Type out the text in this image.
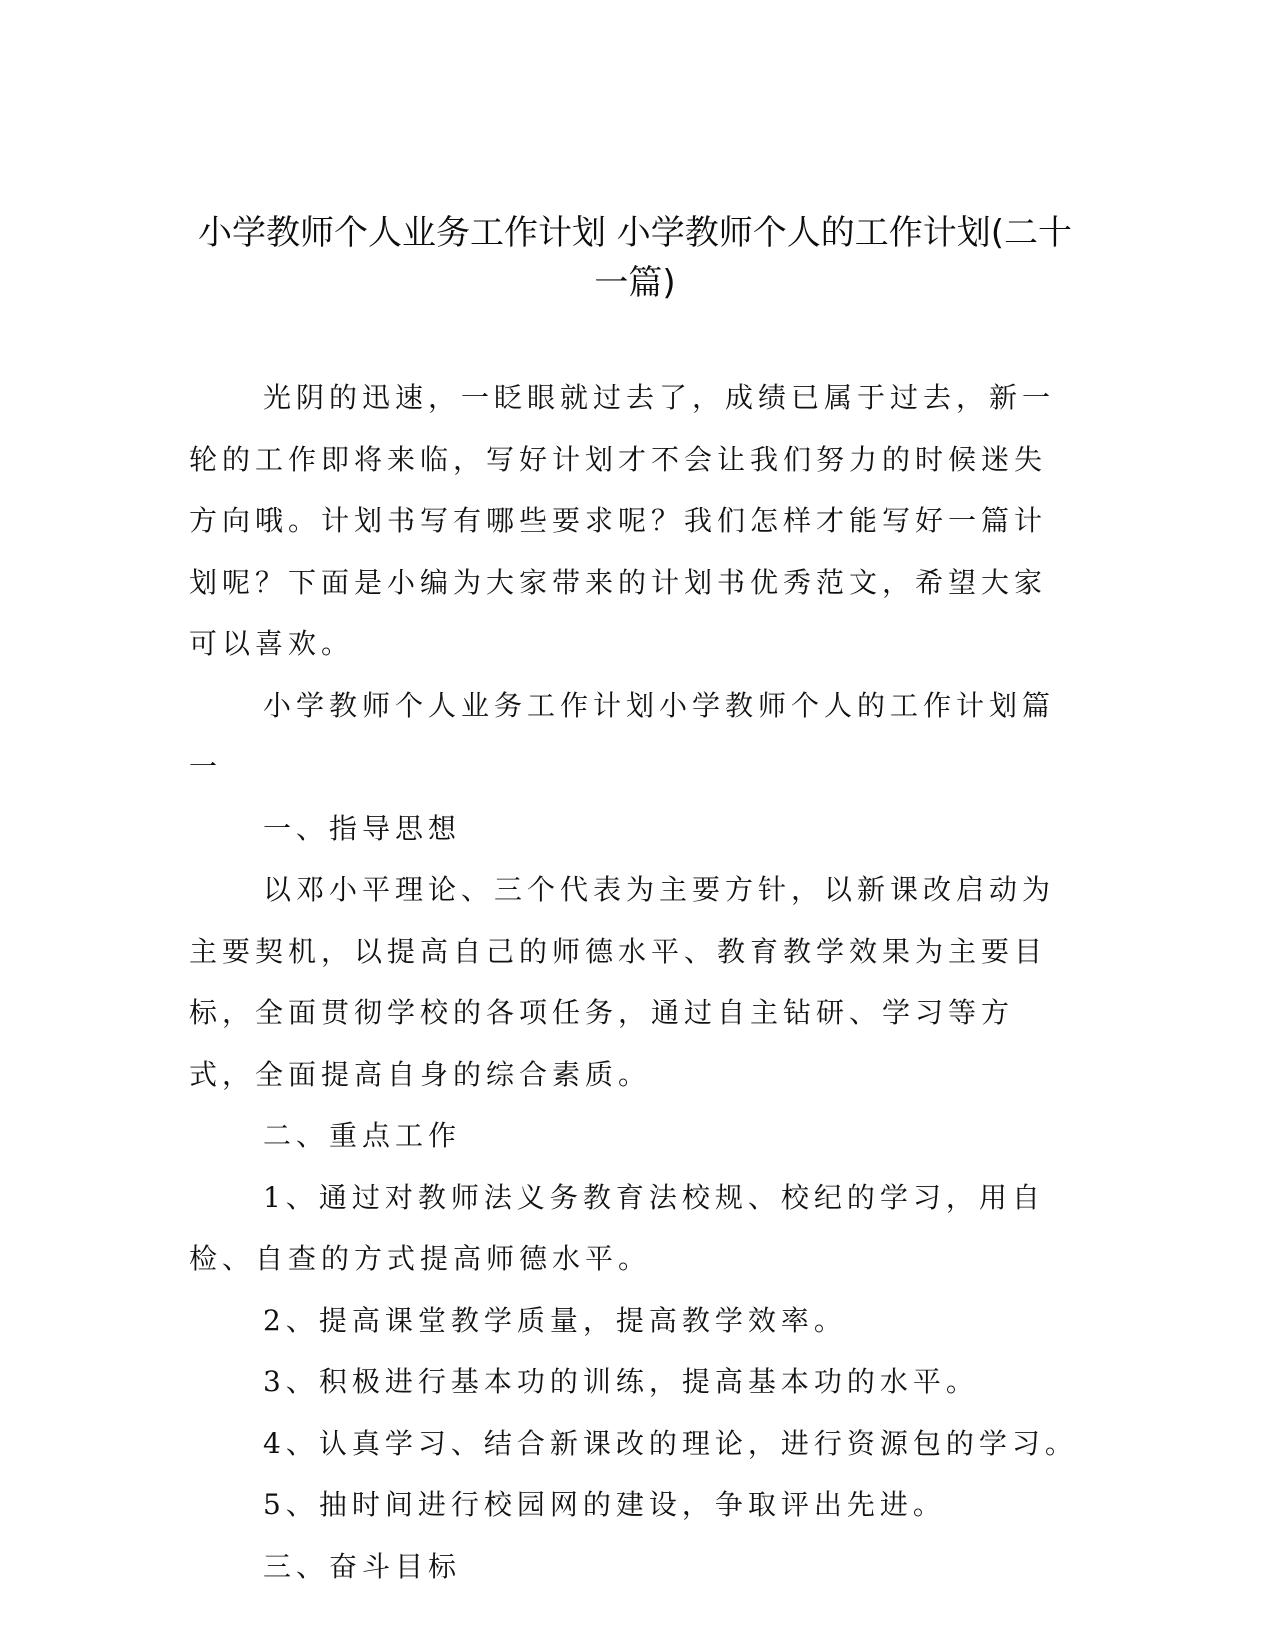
小学教师个人业务工作计划 小学教师个人的工作计划(二十一篇)

光阴的迅速，一眨眼就过去了，成绩已属于过去，新一轮的工作即将来临，写好计划才不会让我们努力的时候迷失方向哦。计划书写有哪些要求呢？我们怎样才能写好一篇计划呢？下面是小编为大家带来的计划书优秀范文，希望大家可以喜欢。

小学教师个人业务工作计划小学教师个人的工作计划篇一

一、指导思想

以邓小平理论、三个代表为主要方针，以新课改启动为主要契机，以提高自己的师德水平、教育教学效果为主要目标，全面贯彻学校的各项任务，通过自主钻研、学习等方式，全面提高自身的综合素质。

二、重点工作

1、通过对教师法义务教育法校规、校纪的学习，用自检、自查的方式提高师德水平。

2、提高课堂教学质量，提高教学效率。

3、积极进行基本功的训练，提高基本功的水平。

4、认真学习、结合新课改的理论，进行资源包的学习。

5、抽时间进行校园网的建设，争取评出先进。

三、奋斗目标
